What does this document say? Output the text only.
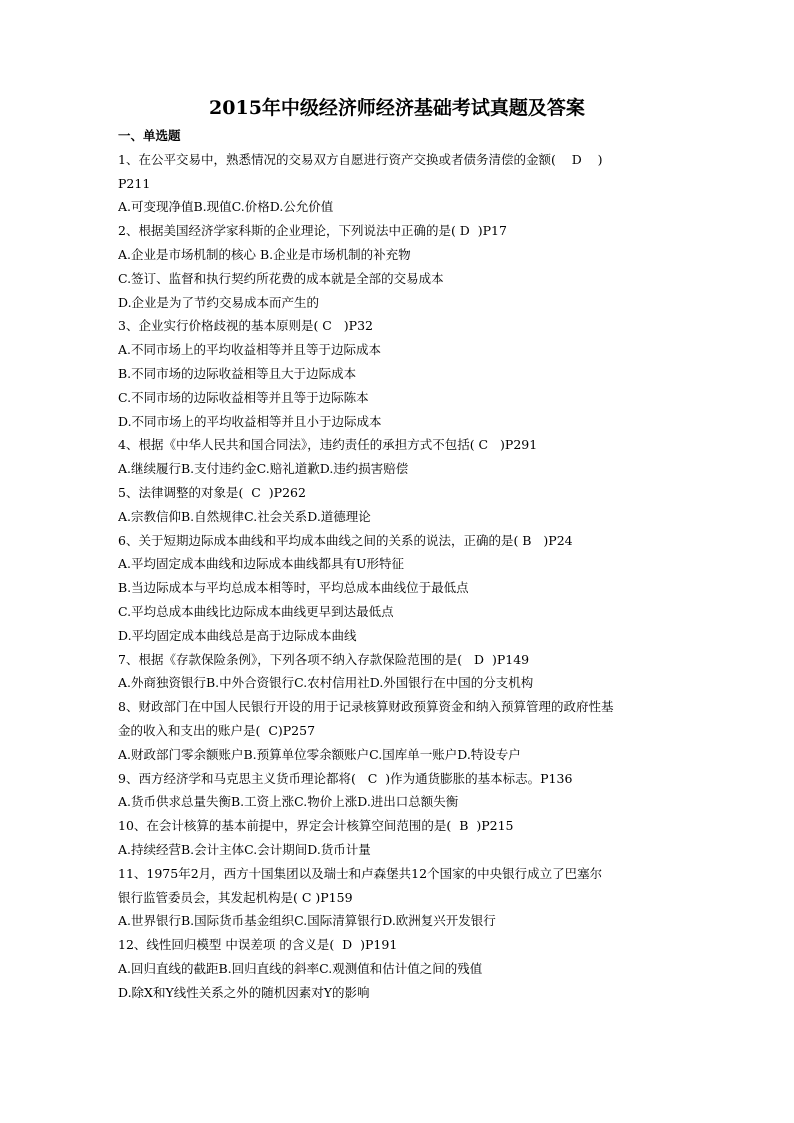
2015年中级经济师经济基础考试真题及答案
一、单选题
1、在公平交易中，熟悉情况的交易双方自愿进行资产交换或者债务清偿的金额(    D    )
P211
A.可变现净值B.现值C.价格D.公允价值
2、根据美国经济学家科斯的企业理论，下列说法中正确的是( D  )P17
A.企业是市场机制的核心 B.企业是市场机制的补充物
C.签订、监督和执行契约所花费的成本就是全部的交易成本
D.企业是为了节约交易成本而产生的
3、企业实行价格歧视的基本原则是( C   )P32
A.不同市场上的平均收益相等并且等于边际成本
B.不同市场的边际收益相等且大于边际成本
C.不同市场的边际收益相等并且等于边际陈本
D.不同市场上的平均收益相等并且小于边际成本
4、根据《中华人民共和国合同法》，违约责任的承担方式不包括( C   )P291
A.继续履行B.支付违约金C.赔礼道歉D.违约损害赔偿
5、法律调整的对象是(  C  )P262
A.宗教信仰B.自然规律C.社会关系D.道德理论
6、关于短期边际成本曲线和平均成本曲线之间的关系的说法，正确的是( B   )P24
A.平均固定成本曲线和边际成本曲线都具有U形特征
B.当边际成本与平均总成本相等时，平均总成本曲线位于最低点
C.平均总成本曲线比边际成本曲线更早到达最低点
D.平均固定成本曲线总是高于边际成本曲线
7、根据《存款保险条例》，下列各项不纳入存款保险范围的是(   D  )P149
A.外商独资银行B.中外合资银行C.农村信用社D.外国银行在中国的分支机构
8、财政部门在中国人民银行开设的用于记录核算财政预算资金和纳入预算管理的政府性基
金的收入和支出的账户是(  C)P257
A.财政部门零余额账户B.预算单位零余额账户C.国库单一账户D.特设专户
9、西方经济学和马克思主义货币理论都将(   C  )作为通货膨胀的基本标志。P136
A.货币供求总量失衡B.工资上涨C.物价上涨D.进出口总额失衡
10、在会计核算的基本前提中，界定会计核算空间范围的是(  B  )P215
A.持续经营B.会计主体C.会计期间D.货币计量
11、1975年2月，西方十国集团以及瑞士和卢森堡共12个国家的中央银行成立了巴塞尔
银行监管委员会，其发起机构是( C )P159
A.世界银行B.国际货币基金组织C.国际清算银行D.欧洲复兴开发银行
12、线性回归模型 中误差项 的含义是(  D  )P191
A.回归直线的截距B.回归直线的斜率C.观测值和估计值之间的残值
D.除X和Y线性关系之外的随机因素对Y的影响
